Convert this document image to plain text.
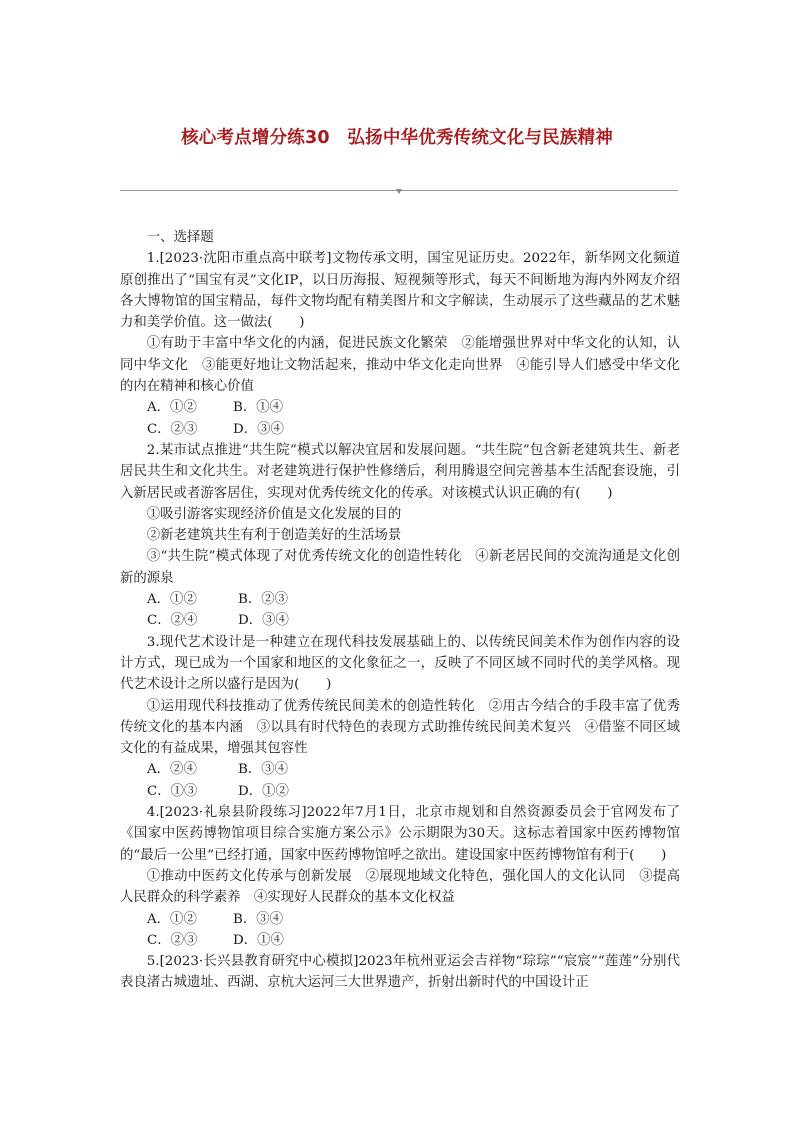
核心考点增分练30　弘扬中华优秀传统文化与民族精神

一、选择题

1.[2023·沈阳市重点高中联考]文物传承文明，国宝见证历史。2022年，新华网文化频道原创推出了“国宝有灵”文化IP，以日历海报、短视频等形式，每天不间断地为海内外网友介绍各大博物馆的国宝精品，每件文物均配有精美图片和文字解读，生动展示了这些藏品的艺术魅力和美学价值。这一做法(　　)

①有助于丰富中华文化的内涵，促进民族文化繁荣　②能增强世界对中华文化的认知，认同中华文化　③能更好地让文物活起来，推动中华文化走向世界　④能引导人们感受中华文化的内在精神和核心价值

A．①②	B．①④
C．②③	D．③④

2.某市试点推进“共生院”模式以解决宜居和发展问题。“共生院”包含新老建筑共生、新老居民共生和文化共生。对老建筑进行保护性修缮后，利用腾退空间完善基本生活配套设施，引入新居民或者游客居住，实现对优秀传统文化的传承。对该模式认识正确的有(　　)

①吸引游客实现经济价值是文化发展的目的

②新老建筑共生有利于创造美好的生活场景

③“共生院”模式体现了对优秀传统文化的创造性转化　④新老居民间的交流沟通是文化创新的源泉

A．①②	B．②③
C．②④	D．③④

3.现代艺术设计是一种建立在现代科技发展基础上的、以传统民间美术作为创作内容的设计方式，现已成为一个国家和地区的文化象征之一，反映了不同区域不同时代的美学风格。现代艺术设计之所以盛行是因为(　　)

①运用现代科技推动了优秀传统民间美术的创造性转化　②用古今结合的手段丰富了优秀传统文化的基本内涵　③以具有时代特色的表现方式助推传统民间美术复兴　④借鉴不同区域文化的有益成果，增强其包容性

A．②④	B．③④
C．①③	D．①②

4.[2023·礼泉县阶段练习]2022年7月1日，北京市规划和自然资源委员会于官网发布了《国家中医药博物馆项目综合实施方案公示》公示期限为30天。这标志着国家中医药博物馆的“最后一公里”已经打通，国家中医药博物馆呼之欲出。建设国家中医药博物馆有利于(　　)

①推动中医药文化传承与创新发展　②展现地域文化特色，强化国人的文化认同　③提高人民群众的科学素养　④实现好人民群众的基本文化权益

A．①②	B．③④
C．②③	D．①④

5.[2023·长兴县教育研究中心模拟]2023年杭州亚运会吉祥物“琮琮”“宸宸”“莲莲”分别代表良渚古城遗址、西湖、京杭大运河三大世界遗产，折射出新时代的中国设计正
